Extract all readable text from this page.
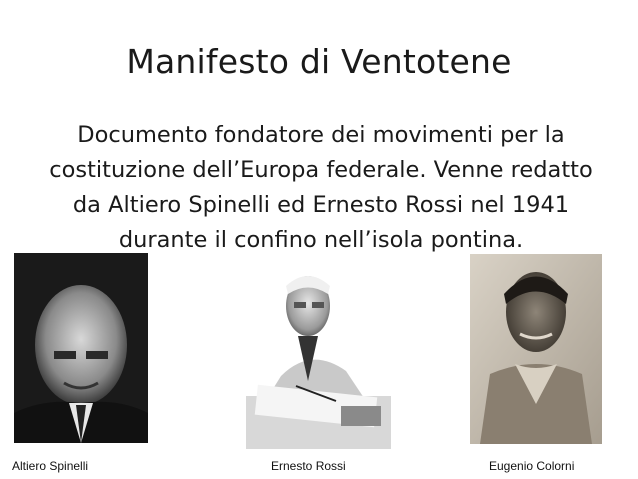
Manifesto di Ventotene
Documento fondatore dei movimenti per la
costituzione dell’Europa federale. Venne redatto
da Altiero Spinelli ed Ernesto Rossi nel 1941
durante il confino nell’isola pontina.
Altiero Spinelli	Ernesto Rossi	Eugenio Colorni
